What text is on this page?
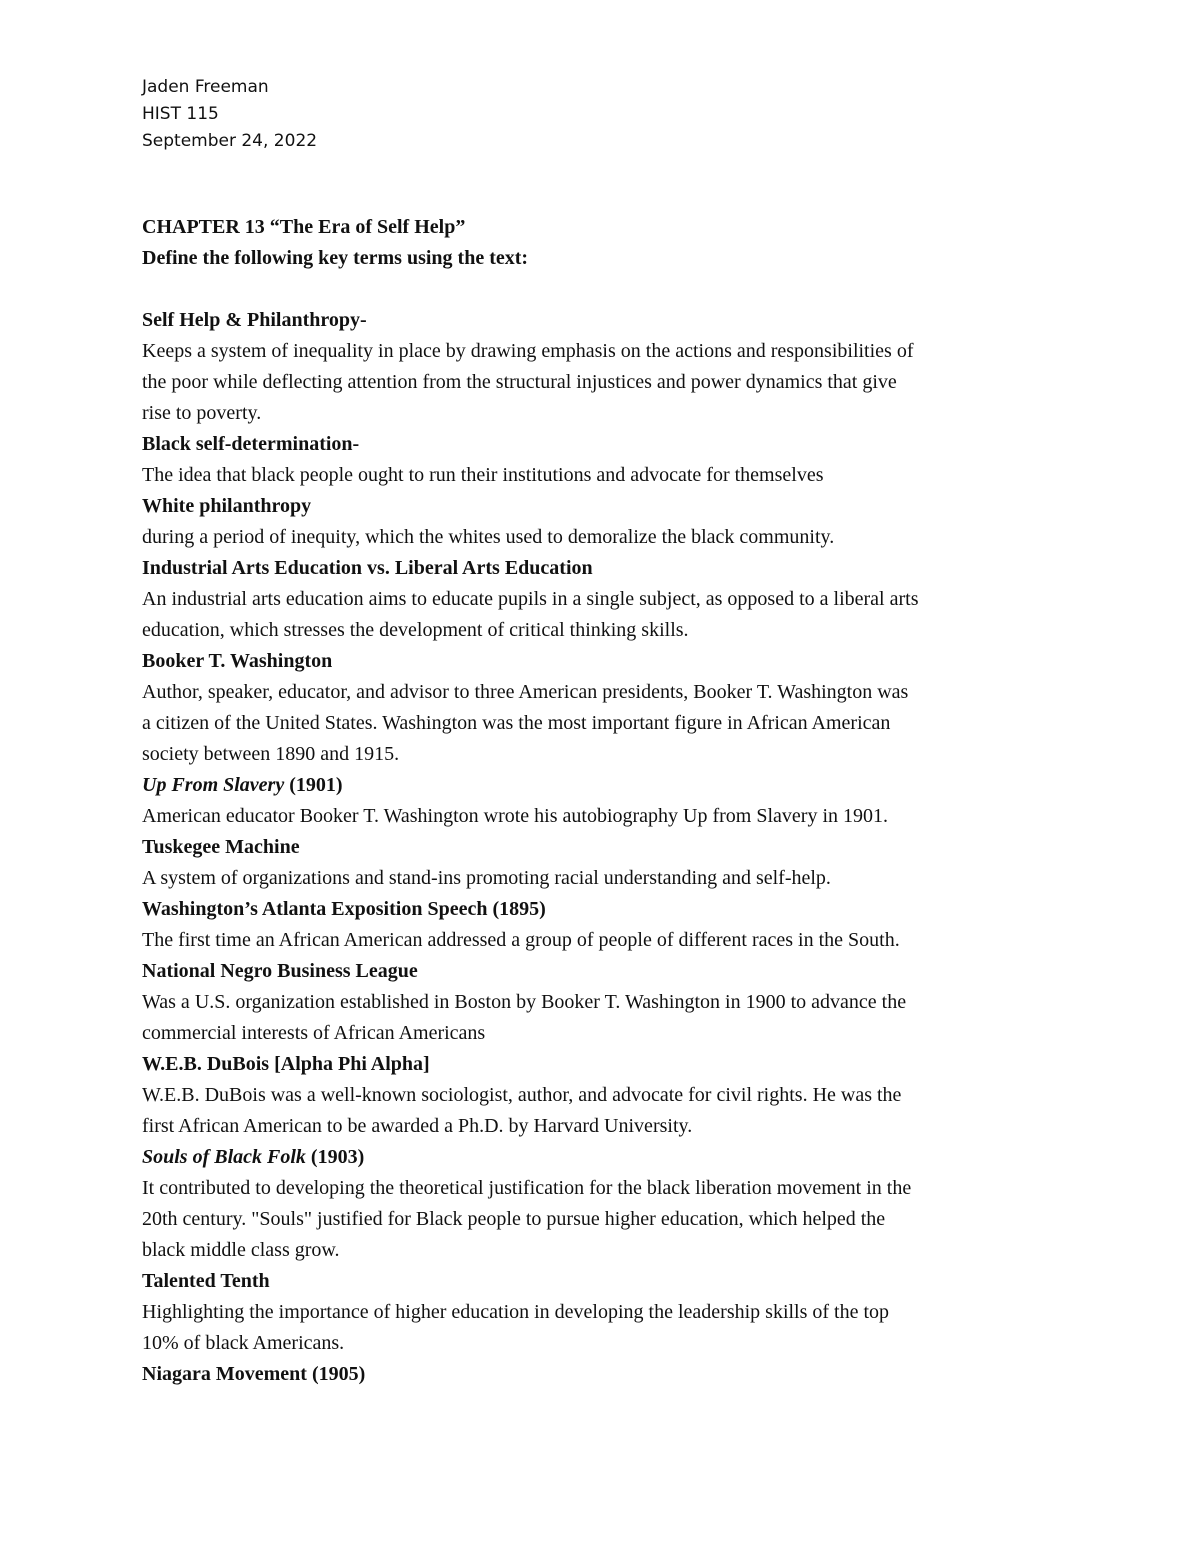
Jaden Freeman
HIST 115
September 24, 2022
CHAPTER 13 “The Era of Self Help”
Define the following key terms using the text:
Self Help & Philanthropy-
Keeps a system of inequality in place by drawing emphasis on the actions and responsibilities of
the poor while deflecting attention from the structural injustices and power dynamics that give
rise to poverty.
Black self-determination-
The idea that black people ought to run their institutions and advocate for themselves
White philanthropy
during a period of inequity, which the whites used to demoralize the black community.
Industrial Arts Education vs. Liberal Arts Education
An industrial arts education aims to educate pupils in a single subject, as opposed to a liberal arts
education, which stresses the development of critical thinking skills.
Booker T. Washington
Author, speaker, educator, and advisor to three American presidents, Booker T. Washington was
a citizen of the United States. Washington was the most important figure in African American
society between 1890 and 1915.
Up From Slavery (1901)
American educator Booker T. Washington wrote his autobiography Up from Slavery in 1901.
Tuskegee Machine
A system of organizations and stand-ins promoting racial understanding and self-help.
Washington’s Atlanta Exposition Speech (1895)
The first time an African American addressed a group of people of different races in the South.
National Negro Business League
Was a U.S. organization established in Boston by Booker T. Washington in 1900 to advance the
commercial interests of African Americans
W.E.B. DuBois [Alpha Phi Alpha]
W.E.B. DuBois was a well-known sociologist, author, and advocate for civil rights. He was the
first African American to be awarded a Ph.D. by Harvard University.
Souls of Black Folk (1903)
It contributed to developing the theoretical justification for the black liberation movement in the
20th century. "Souls" justified for Black people to pursue higher education, which helped the
black middle class grow.
Talented Tenth
Highlighting the importance of higher education in developing the leadership skills of the top
10% of black Americans.
Niagara Movement (1905)
